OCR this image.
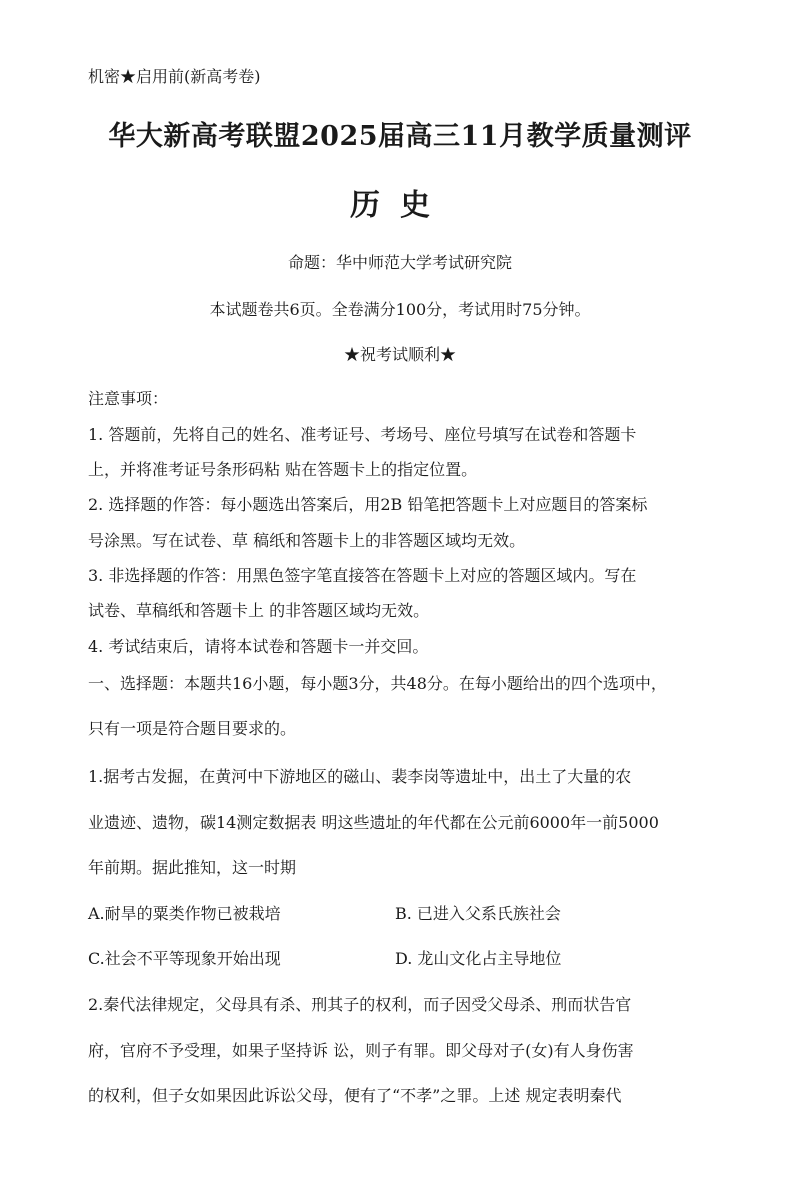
机密★启用前(新高考卷)
华大新高考联盟2025届高三11月教学质量测评
历史
命题：华中师范大学考试研究院
本试题卷共6页。全卷满分100分，考试用时75分钟。
★祝考试顺利★
注意事项：
1. 答题前，先将自己的姓名、准考证号、考场号、座位号填写在试卷和答题卡
上，并将准考证号条形码粘 贴在答题卡上的指定位置。
2. 选择题的作答：每小题选出答案后，用2B 铅笔把答题卡上对应题目的答案标
号涂黑。写在试卷、草 稿纸和答题卡上的非答题区域均无效。
3. 非选择题的作答：用黑色签字笔直接答在答题卡上对应的答题区域内。写在
试卷、草稿纸和答题卡上 的非答题区域均无效。
4. 考试结束后，请将本试卷和答题卡一并交回。
一、选择题：本题共16小题，每小题3分，共48分。在每小题给出的四个选项中，
只有一项是符合题目要求的。
1.据考古发掘，在黄河中下游地区的磁山、裴李岗等遗址中，出土了大量的农
业遗迹、遗物，碳14测定数据表 明这些遗址的年代都在公元前6000年一前5000
年前期。据此推知，这一时期
A.耐旱的粟类作物已被栽培	B. 已进入父系氏族社会
C.社会不平等现象开始出现	D. 龙山文化占主导地位
2.秦代法律规定，父母具有杀、刑其子的权利，而子因受父母杀、刑而状告官
府，官府不予受理，如果子坚持诉 讼，则子有罪。即父母对子(女)有人身伤害
的权利，但子女如果因此诉讼父母，便有了“不孝”之罪。上述 规定表明秦代
